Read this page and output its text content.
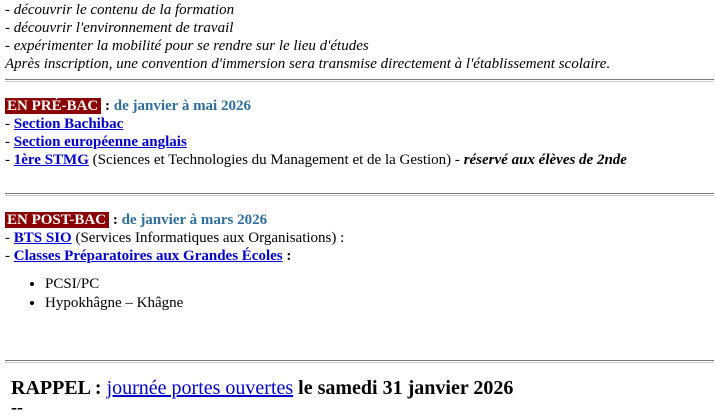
- découvrir le contenu de la formation
- découvrir l'environnement de travail
- expérimenter la mobilité pour se rendre sur le lieu d'études
Après inscription, une convention d'immersion sera transmise directement à l'établissement scolaire.
EN PRÉ-BAC : de janvier à mai 2026
- Section Bachibac
- Section européenne anglais
- 1ère STMG (Sciences et Technologies du Management et de la Gestion) - réservé aux élèves de 2nde
EN POST-BAC : de janvier à mars 2026
- BTS SIO (Services Informatiques aux Organisations) :
- Classes Préparatoires aux Grandes Écoles :
• PCSI/PC
• Hypokhâgne – Khâgne
RAPPEL : journée portes ouvertes le samedi 31 janvier 2026
--
